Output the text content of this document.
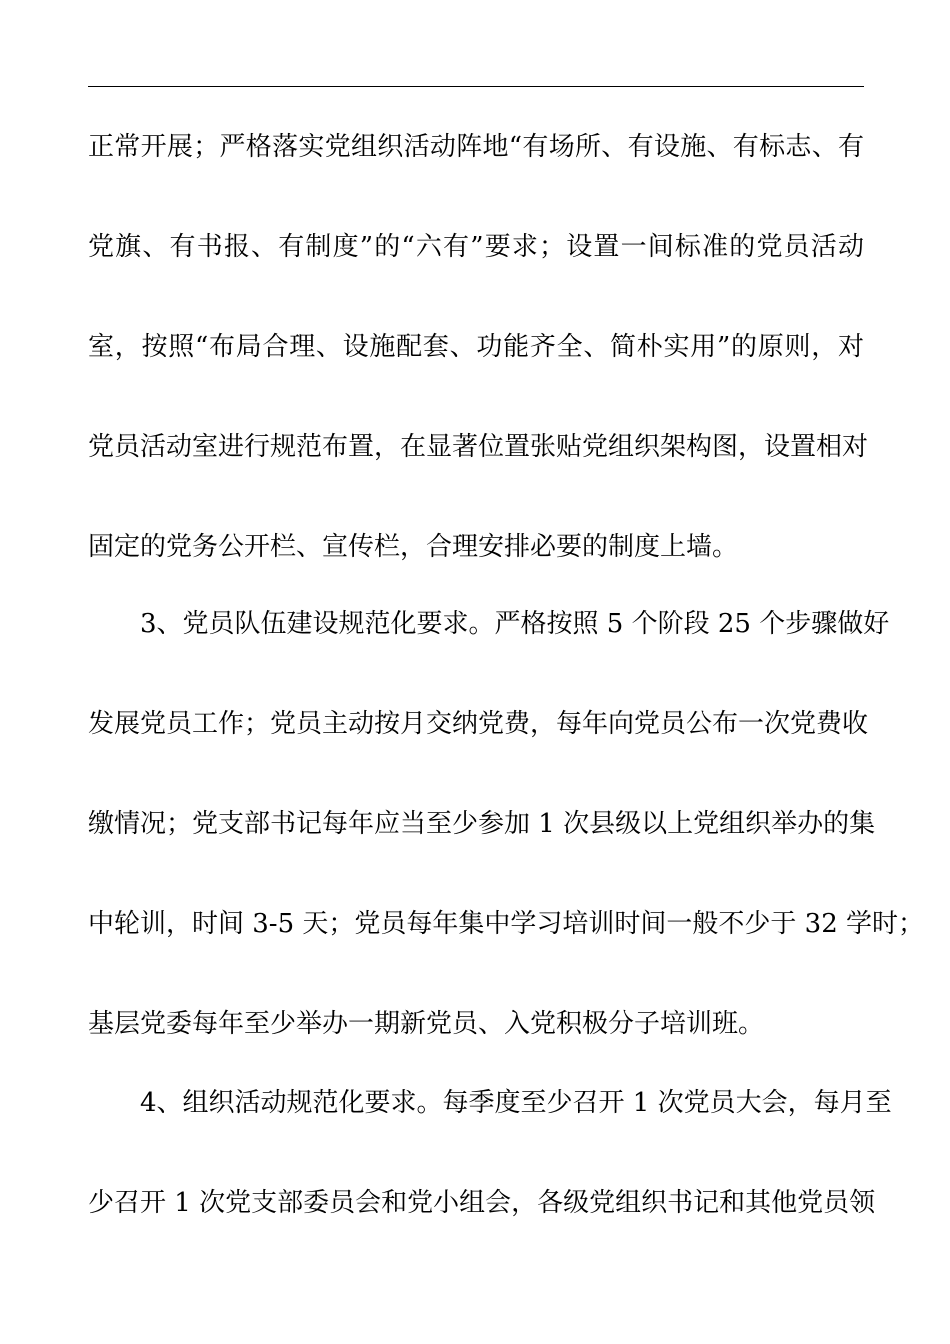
正常开展；严格落实党组织活动阵地“有场所、有设施、有标志、有
党旗、有书报、有制度”的“六有”要求；设置一间标准的党员活动
室，按照“布局合理、设施配套、功能齐全、简朴实用”的原则，对
党员活动室进行规范布置，在显著位置张贴党组织架构图，设置相对
固定的党务公开栏、宣传栏，合理安排必要的制度上墙。
3、党员队伍建设规范化要求。严格按照 5 个阶段 25 个步骤做好
发展党员工作；党员主动按月交纳党费，每年向党员公布一次党费收
缴情况；党支部书记每年应当至少参加 1 次县级以上党组织举办的集
中轮训，时间 3-5 天；党员每年集中学习培训时间一般不少于 32 学时；
基层党委每年至少举办一期新党员、入党积极分子培训班。
4、组织活动规范化要求。每季度至少召开 1 次党员大会，每月至
少召开 1 次党支部委员会和党小组会，各级党组织书记和其他党员领
